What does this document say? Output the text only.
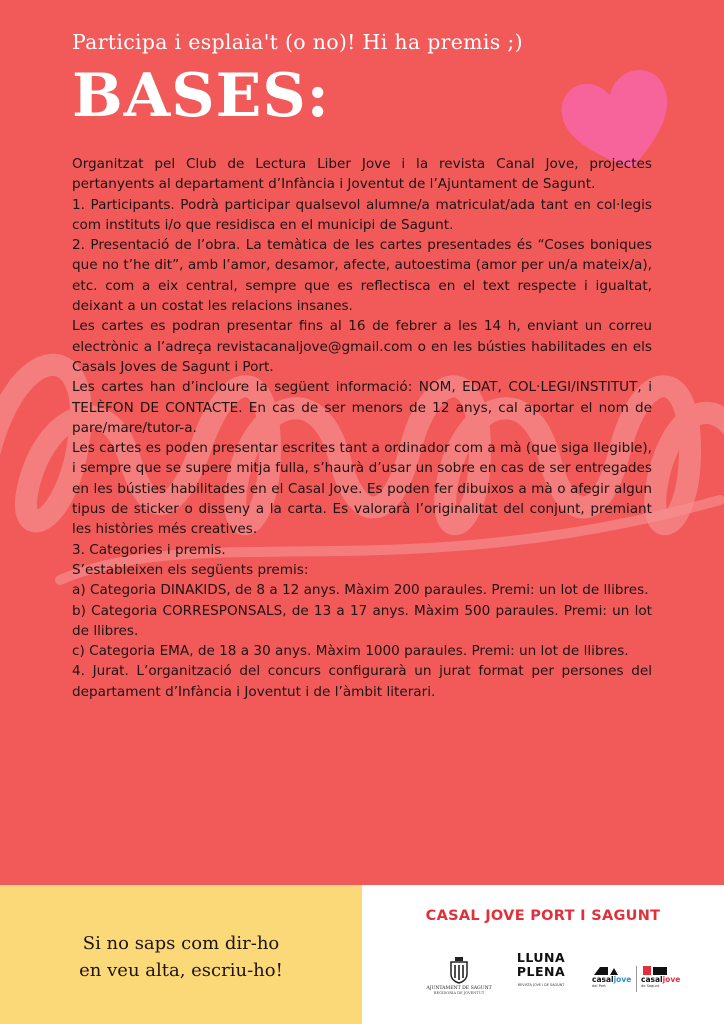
Participa i esplaia't (o no)! Hi ha premis ;)
BASES:

Organitzat pel Club de Lectura Liber Jove i la revista Canal Jove, projectes pertanyents al departament d’Infància i Joventut de l’Ajuntament de Sagunt.

1. Participants. Podrà participar qualsevol alumne/a matriculat/ada tant en col·legis com instituts i/o que residisca en el municipi de Sagunt.

2. Presentació de l’obra. La temàtica de les cartes presentades és “Coses boniques que no t’he dit”, amb l’amor, desamor, afecte, autoestima (amor per un/a mateix/a), etc. com a eix central, sempre que es reflectisca en el text respecte i igualtat, deixant a un costat les relacions insanes.

Les cartes es podran presentar fins al 16 de febrer a les 14 h, enviant un correu electrònic a l’adreça revistacanaljove@gmail.com o en les bústies habilitades en els Casals Joves de Sagunt i Port.

Les cartes han d’incloure la següent informació: NOM, EDAT, COL·LEGI/INSTITUT, i TELÈFON DE CONTACTE. En cas de ser menors de 12 anys, cal aportar el nom de pare/mare/tutor-a.

Les cartes es poden presentar escrites tant a ordinador com a mà (que siga llegible), i sempre que se supere mitja fulla, s’haurà d’usar un sobre en cas de ser entregades en les bústies habilitades en el Casal Jove. Es poden fer dibuixos a mà o afegir algun tipus de sticker o disseny a la carta. Es valorarà l’originalitat del conjunt, premiant les històries més creatives.

3. Categories i premis.

S’estableixen els següents premis:

a) Categoria DINAKIDS, de 8 a 12 anys. Màxim 200 paraules. Premi: un lot de llibres.

b) Categoria CORRESPONSALS, de 13 a 17 anys. Màxim 500 paraules. Premi: un lot de llibres.

c) Categoria EMA, de 18 a 30 anys. Màxim 1000 paraules. Premi: un lot de llibres.

4. Jurat. L’organització del concurs configurarà un jurat format per persones del departament d’Infància i Joventut i de l’àmbit literari.

Si no saps com dir-ho
en veu alta, escriu-ho!
CASAL JOVE PORT I SAGUNT
AJUNTAMENT DE SAGUNT
REGIDORIA DE JOVENTUT
LLUNA
PLENA
REVISTA JOVE I DE SAGUNT
casaljove
del Port
casaljove
de Sagunt
